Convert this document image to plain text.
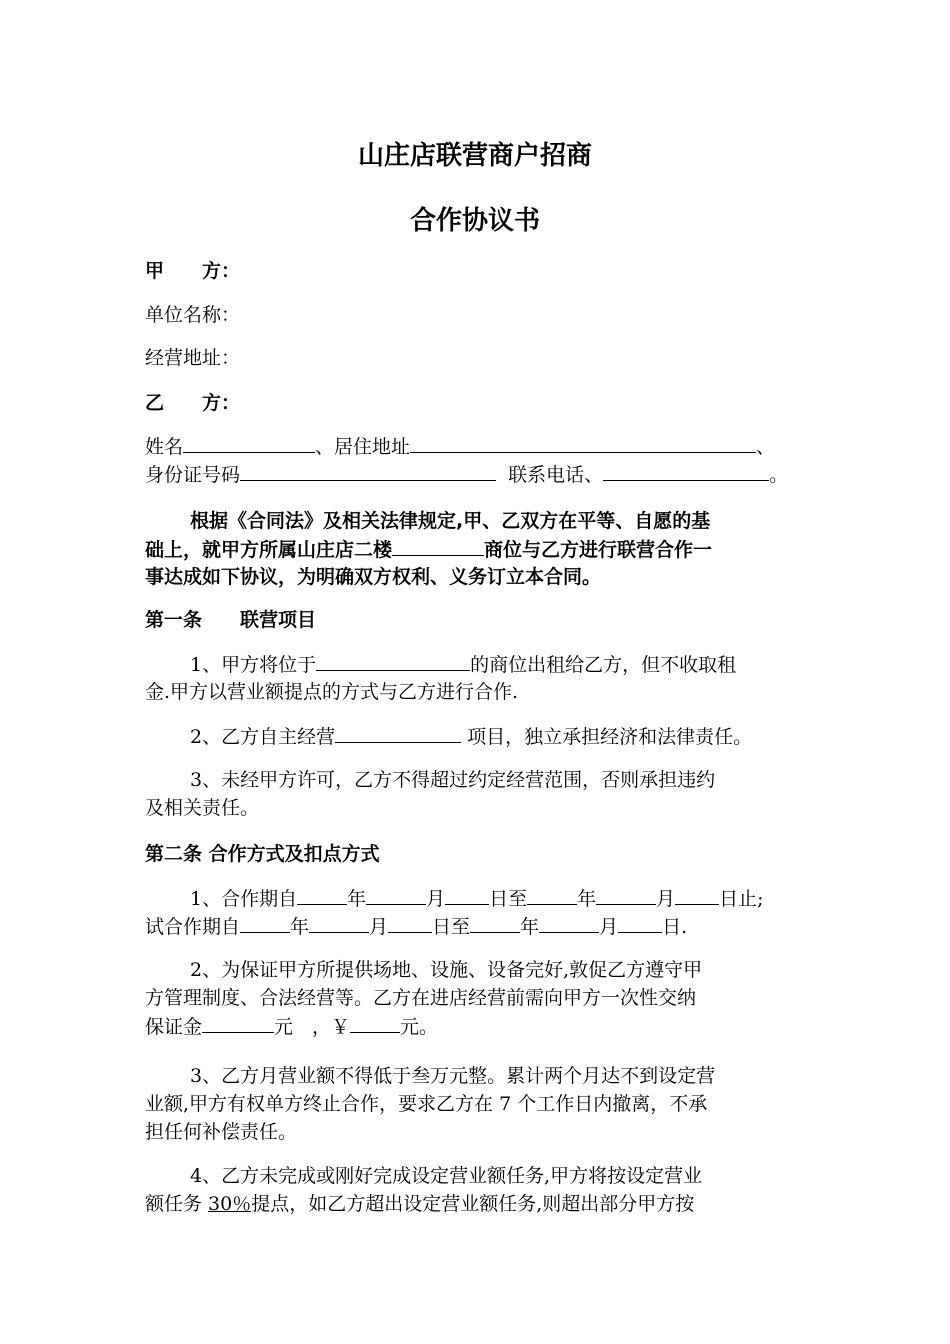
山庄店联营商户招商
合作协议书
甲　　方：
单位名称：
经营地址：
乙　　方：
姓名	、居住地址	、
身份证号码	联系电话、	。
根据《合同法》及相关法律规定,甲、乙双方在平等、自愿的基
础上，就甲方所属山庄店二楼	商位与乙方进行联营合作一
事达成如下协议，为明确双方权利、义务订立本合同。
第一条　　联营项目
1、甲方将位于	的商位出租给乙方，但不收取租
金.甲方以营业额提点的方式与乙方进行合作.
2、乙方自主经营	项目，独立承担经济和法律责任。
3、未经甲方许可，乙方不得超过约定经营范围，否则承担违约
及相关责任。
第二条 合作方式及扣点方式
1、合作期自	年	月 日至	年	月 日止;
试合作期自	年	月 日至	年	月 日.
2、为保证甲方所提供场地、设施、设备完好,敦促乙方遵守甲
方管理制度、合法经营等。乙方在进店经营前需向甲方一次性交纳
保证金	元　，￥	元。
3、乙方月营业额不得低于叁万元整。累计两个月达不到设定营
业额,甲方有权单方终止合作，要求乙方在 7 个工作日内撤离，不承
担任何补偿责任。
4、乙方未完成或刚好完成设定营业额任务,甲方将按设定营业
额任务 30％提点，如乙方超出设定营业额任务,则超出部分甲方按
